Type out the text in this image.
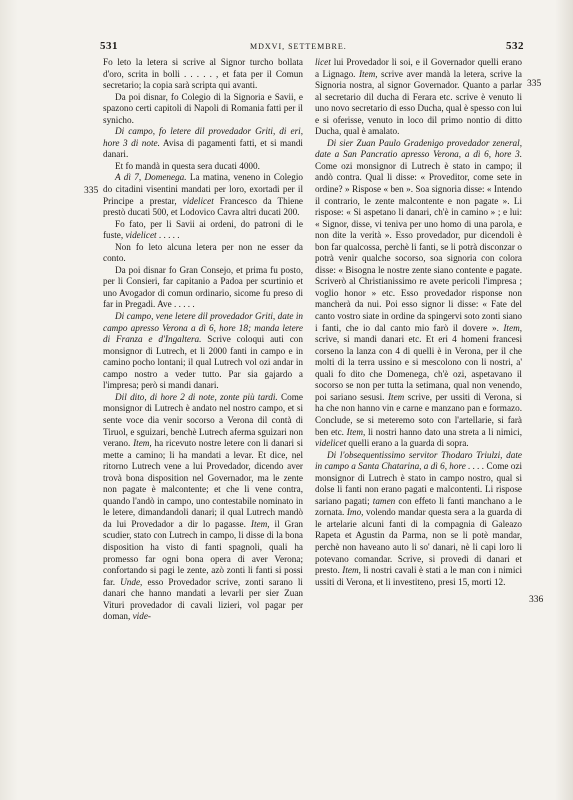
531	MDXVI, SETTEMBRE.	532
335
335
336

Fo leto la letera si scrive al Signor turcho bollata d'oro, scrita in bolli . . . . . , et fata per il Comun secretario; la copia sarà scripta qui avanti.

Da poi disnar, fo Colegio di la Signoria e Savii, e spazono certi capitoli di Napoli di Romania fatti per il synicho.

Di campo, fo letere dil provedador Griti, di eri, hore 3 di note. Avisa di pagamenti fatti, et si mandi danari.

Et fo mandà in questa sera ducati 4000.

A dì 7, Domenega. La matina, veneno in Colegio do citadini visentini mandati per loro, exortadi per il Principe a prestar, videlicet Francesco da Thiene prestò ducati 500, et Lodovico Cavra altri ducati 200.

Fo fato, per li Savii ai ordeni, do patroni di le fuste, videlicet . . . . .

Non fo leto alcuna letera per non ne esser da conto.

Da poi disnar fo Gran Consejo, et prima fu posto, per li Consieri, far capitanio a Padoa per scurtinio et uno Avogador di comun ordinario, sicome fu preso di far in Pregadi. Ave . . . . .

Di campo, vene letere dil provedador Griti, date in campo apresso Verona a dì 6, hore 18; manda letere di Franza e d'Ingaltera. Scrive coloqui auti con monsignor di Lutrech, et li 2000 fanti in campo e in camino pocho lontani; il qual Lutrech vol ozi andar in campo nostro a veder tutto. Par sia gajardo a l'impresa; però si mandi danari.

Dil dito, di hore 2 di note, zonte più tardi. Come monsignor di Lutrech è andato nel nostro campo, et si sente voce dia venir socorso a Verona dil contà di Tiruol, e sguizari, benchè Lutrech aferma sguizari non verano. Item, ha ricevuto nostre letere con li danari si mette a camino; li ha mandati a levar. Et dice, nel ritorno Lutrech vene a lui Provedador, dicendo aver trovà bona disposition nel Governador, ma le zente non pagate è malcontente; et che li vene contra, quando l'andò in campo, uno contestabile nominato in le letere, dimandandoli danari; il qual Lutrech mandò da lui Provedador a dir lo pagasse. Item, il Gran scudier, stato con Lutrech in campo, li disse di la bona disposition ha visto di fanti spagnoli, quali ha promesso far ogni bona opera di aver Verona; confortando si pagi le zente, azò zonti li fanti si possi far. Unde, esso Provedador scrive, zonti sarano li danari che hanno mandati a levarli per sier Zuan Vituri provedador di cavali lizieri, vol pagar per doman, vide-

licet lui Provedador li soi, e il Governador quelli erano a Lignago. Item, scrive aver mandà la letera, scrive la Signoria nostra, al signor Governador. Quanto a parlar al secretario dil ducha di Ferara etc. scrive è venuto li uno novo secretario di esso Ducha, qual è spesso con lui e si oferisse, venuto in loco dil primo nontio di ditto Ducha, qual è amalato.

Di sier Zuan Paulo Gradenigo provedador zeneral, date a San Pancratio apresso Verona, a dì 6, hore 3. Come ozi monsignor di Lutrech è stato in campo; il andò contra. Qual li disse: « Proveditor, come sete in ordine? » Rispose « ben ». Soa signoria disse: « Intendo il contrario, le zente malcontente e non pagate ». Li rispose: « Si aspetano li danari, ch'è in camino » ; e lui: « Signor, disse, vi teniva per uno homo di una parola, e non dite la verità ». Esso provedador, pur dicendoli è bon far qualcossa, perchè li fanti, se li potrà disconzar o potrà venir qualche socorso, soa signoria con colora disse: « Bisogna le nostre zente siano contente e pagate. Scriverò al Christianissimo re avete pericoli l'impresa ; voglio honor » etc. Esso provedador risponse non mancherà da nui. Poi esso signor li disse: « Fate del canto vostro siate in ordine da spingervi soto zonti siano i fanti, che io dal canto mio farò il dovere ». Item, scrive, si mandi danari etc. Et eri 4 homeni francesi corseno la lanza con 4 di quelli è in Verona, per il che molti di la terra ussino e si mescolono con li nostri, a' quali fo dito che Domenega, ch'è ozi, aspetavano il socorso se non per tutta la setimana, qual non venendo, poi sariano sesusi. Item scrive, per ussiti di Verona, si ha che non hanno vin e carne e manzano pan e formazo. Conclude, se si meteremo soto con l'artellarie, si farà ben etc. Item, li nostri hanno dato una streta a li nimici, videlicet quelli erano a la guarda di sopra.

Di l'obsequentissimo servitor Thodaro Triulzi, date in campo a Santa Chatarina, a dì 6, hore . . . . Come ozi monsignor di Lutrech è stato in campo nostro, qual si dolse li fanti non erano pagati e malcontenti. Li rispose sariano pagati; tamen con effeto li fanti manchano a le zornata. Imo, volendo mandar questa sera a la guarda di le artelarie alcuni fanti di la compagnia di Galeazo Rapeta et Agustin da Parma, non se li potè mandar, perchè non haveano auto li so' danari, nè li capi loro li potevano comandar. Scrive, si provedi di danari et presto. Item, li nostri cavali è stati a le man con i nimici ussiti di Verona, et li investiteno, presi 15, morti 12.
